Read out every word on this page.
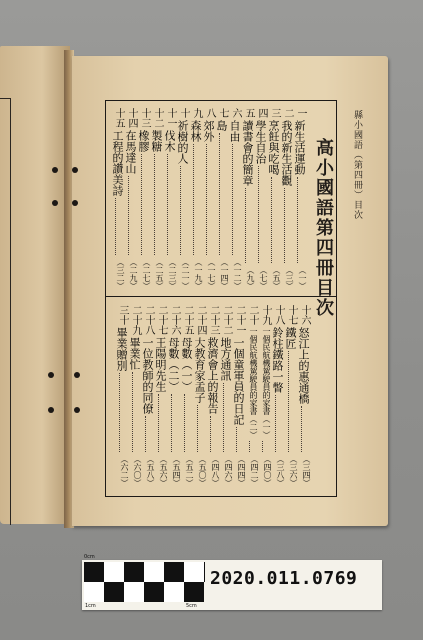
縣小國語（第四冊）目次
高小國語第四冊目次
一
新生活運動
（一）
二
我的新生活觀
（三）
三
烹飪與吃喝
（五）
四
學生自治
（七）
五
讀書會的簡章
（九）
六
自由
（一二）
七
島
（一四）
八
郊外
（一七）
九
森林
（一九）
十
祈樹的人
（二一）
十一
伐木
（二三）
十二
製糖
（二五）
十三
橡膠
（二七）
十四
在馬達山
（二九）
十五
工程的讚美詩
（三二）
十六
怒江上的惠通橋
（三四）
十七
鐵匠
（三六）
十八
鈴柱鐵路一瞥
（三八）
十九
一個民航機駕駛員的家書（一）
（四〇）
二十
一個民航機駕駛員的家書（二）
（四二）
二十一
一個童軍員的日記
（四四）
二十二
地方通訊
（四六）
二十三
救濟會上的報告
（四八）
二十四
大教育家孟子
（五〇）
二十五
母數（一）
（五二）
二十六
母數（二）
（五四）
二十七
王陽明先生
（五六）
二十八
一位教師的同僚
（五八）
二十九
畢業忙
（六〇）
三十
畢業贈別
（六二）
0cm
1cm	5cm
2020.011.0769
